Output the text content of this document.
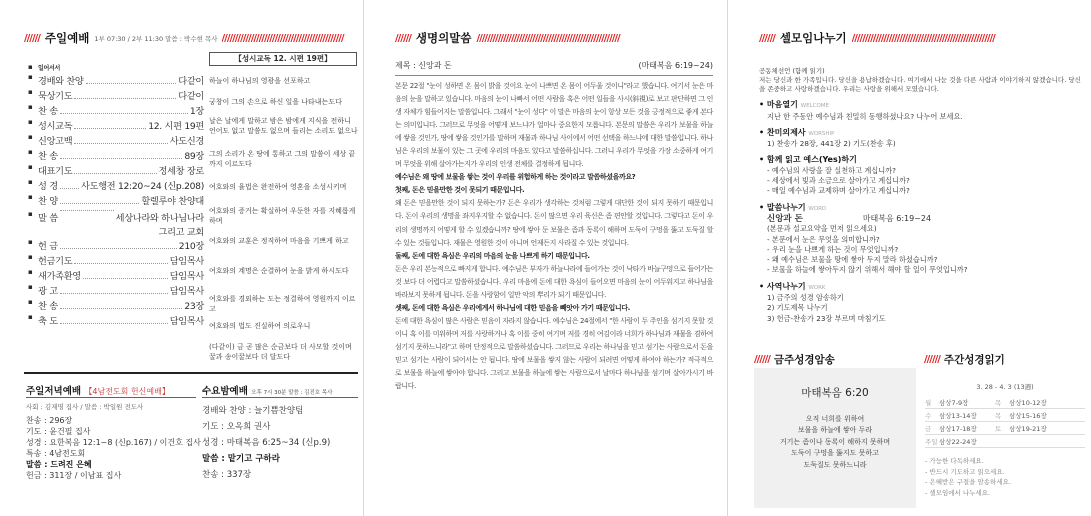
////// 주일예배 1부 07:30 / 2부 11:30 말씀 : 박수현 목사 //////////////////////////////////////////////
【성시교독 12. 시편 19편】
▪ 일어서서
▪ 경배와 찬양	다같이
▪ 묵상기도	다같이
▪ 찬 송	1장
▪ 성시교독	12. 시편 19편
▪ 신앙고백	사도신경
▪ 찬 송	89장
▪ 대표기도	정세창 장로
▪ 성 경	사도행전 12:20~24 (신p.208)
▪ 찬 양	할렐루야 찬양대
▪ 말 씀	세상나라와 하나님나라
그리고 교회
▪ 헌 금	210장
▪ 헌금기도	담임목사
▪ 새가족환영	담임목사
▪ 광 고	담임목사
▪ 찬 송	23장
▪ 축 도	담임목사
하늘이 하나님의 영광을 선포하고
궁창이 그의 손으로 하신 일을 나타내는도다
날은 날에게 말하고 밤은 밤에게 지식을 전하니 언어도 없고 말씀도 없으며 들리는 소리도 없으나
그의 소리가 온 땅에 통하고 그의 말씀이 세상 끝까지 이르도다
여호와의 율법은 완전하여 영혼을 소성시키며
여호와의 증거는 확실하여 우둔한 자를 지혜롭게 하며
여호와의 교훈은 정직하여 마음을 기쁘게 하고
여호와의 계명은 순결하여 눈을 밝게 하시도다
여호와를 경외하는 도는 정결하여 영원까지 이르고
여호와의 법도 진실하여 의로우니
(다같이) 금 곧 많은 순금보다 더 사모할 것이며 꿀과 송이꿀보다 더 달도다
주일저녁예배 【4남전도회 헌신예배】
사회 : 김재명 집사 / 말씀 : 박일원 전도사
찬송 : 296장
기도 : 윤건필 집사
성경 : 요한복음 12:1~8 (신p.167) / 이건호 집사
특송 : 4남전도회
말씀 : 드려진 은혜
헌금 : 311장 / 이남표 집사
수요밤예배 오후 7시 30분 말씀 : 김진호 목사
경배와 찬양 : 늘기쁨찬양팀
기도 : 오옥희 권사
성경 : 마태복음 6:25~34 (신p.9)
말씀 : 맡기고 구하라
찬송 : 337장
////// 생명의말씀 //////////////////////////////////////////////////////
제목 : 신앙과 돈	(마태복음 6:19~24)

본문 22절 "눈이 성하면 온 몸이 밝을 것이요 눈이 나쁘면 온 몸이 어두울 것이니"라고 했습니다. 여기서 눈은 마음의 눈을 말하고 있습니다. 마음의 눈이 나빠서 어떤 사람을 혹은 어떤 일들을 사시(斜視)로 보고 판단하면 그 인생 자체가 힘들어지는 말씀입니다. 그래서 "눈이 성다" 이 말은 마음의 눈이 항상 모든 것을 긍정적으로 좋게 본다는 의미입니다. 그러므로 무엇을 어떻게 보느냐가 얼마나 중요한지 모릅니다. 본문의 말씀은 우리가 보물을 하늘에 쌓을 것인가, 땅에 쌓을 것인가를 말하며 재물과 하나님 사이에서 어떤 선택을 하느냐에 대한 말씀입니다. 하나님은 우리의 보물이 있는 그 곳에 우리의 마음도 있다고 말씀하십니다. 그러니 우리가 무엇을 가장 소중하게 여기며 무엇을 위해 살아가는지가 우리의 인생 전체를 결정하게 됩니다.

예수님은 왜 땅에 보물을 쌓는 것이 우리를 위험하게 하는 것이라고 말씀하셨을까요?

첫째, 돈은 믿을만한 것이 못되기 때문입니다.

왜 돈은 믿을만한 것이 되지 못하는가? 돈은 우리가 생각하는 것처럼 그렇게 대단한 것이 되지 못하기 때문입니다. 돈이 우리의 생명을 좌지우지할 수 없습니다. 돈이 많으면 우리 육신은 좀 편안할 것입니다. 그렇다고 돈이 우리의 생명까지 어떻게 할 수 있겠습니까? 땅에 쌓아 둔 보물은 좀과 동록이 해하며 도둑이 구멍을 뚫고 도둑질 할 수 있는 것들입니다. 재물은 영원한 것이 아니며 언제든지 사라질 수 있는 것입니다.

둘째, 돈에 대한 욕심은 우리의 마음의 눈을 나쁘게 하기 때문입니다.

돈은 우리 본능적으로 빠지게 합니다. 예수님은 부자가 하늘나라에 들어가는 것이 낙타가 바늘구멍으로 들어가는 것 보다 더 어렵다고 말씀하셨습니다. 우리 마음에 돈에 대한 욕심이 들어오면 마음의 눈이 어두워지고 하나님을 바라보지 못하게 됩니다. 돈을 사랑함이 일만 악의 뿌리가 되기 때문입니다.

셋째, 돈에 대한 욕심은 우리에게서 하나님에 대한 믿음을 빼앗아 가기 때문입니다.

돈에 대한 욕심이 많은 사람은 믿음이 자라지 않습니다. 예수님은 24절에서 "한 사람이 두 주인을 섬기지 못할 것이니 혹 이를 미워하며 저를 사랑하거나 혹 이를 중히 여기며 저를 경히 여김이라 너희가 하나님과 재물을 겸하여 섬기지 못하느니라"고 하며 단정적으로 말씀하셨습니다. 그러므로 우리는 하나님을 믿고 섬기는 사람으로서 돈을 믿고 섬기는 사람이 되어서는 안 됩니다. 땅에 보물을 쌓지 않는 사람이 되려면 어떻게 하여야 하는가? 적극적으로 보물을 하늘에 쌓아야 합니다. 그리고 보물을 하늘에 쌓는 사람으로서 날마다 하나님을 섬기며 살아가시기 바랍니다.

////// 셀모임나누기 //////////////////////////////////////////////////////
공동체선언 (함께 읽기)
저는 당신과 한 가족입니다. 당신을 용납하겠습니다. 여기에서 나눈 것을 다른 사람과 이야기하지 않겠습니다. 당신을 존중하고 사랑하겠습니다. 우리는 사랑을 위해서 모였습니다.
• 마음열기 WELCOME
지난 한 주동안 예수님과 친밀히 동행하셨나요? 나누어 보세요.
• 찬미의제사 WORSHIP
1) 찬송가 28장, 441장 2) 기도(찬송 후)
• 함께 읽고 예스(Yes)하기
- 예수님의 사랑을 잘 실천하고 계십니까?
- 세상에서 빛과 소금으로 살아가고 계십니까?
- 매일 예수님과 교제하며 살아가고 계십니까?
• 말씀나누기 WORD
신앙과 돈	마태복음 6:19~24
(본문과 설교요약을 먼저 읽으세요)
- 본문에서 눈은 무엇을 의미합니까?
- 우리 눈을 나쁘게 하는 것이 무엇입니까?
- 왜 예수님은 보물을 땅에 쌓아 두지 말라 하셨습니까?
- 보물을 하늘에 쌓아두지 않기 위해서 해야 할 일이 무엇입니까?
• 사역나누기 WORK
1) 금주의 성경 암송하기
2) 기도제목 나누기
3) 헌금-찬송가 23장 부르며 마침기도
////// 금주성경암송
마태복음 6:20
오직 너희를 위하여
보물을 하늘에 쌓아 두라
거기는 좀이나 동록이 해하지 못하며
도둑이 구멍을 뚫지도 못하고
도둑질도 못하느니라
////// 주간성경읽기
3. 28 - 4. 3 (13週)
월	삼상7-9장	목	삼상10-12장
수	삼상13-14장	목	삼상15-16장
금	삼상17-18장	토	삼상19-21장
주일 삼상22-24장
- 가능한 다독하세요.
- 반드시 기도하고 읽으세요.
- 은혜받은 구절을 암송하세요.
- 셀모임에서 나누세요.
